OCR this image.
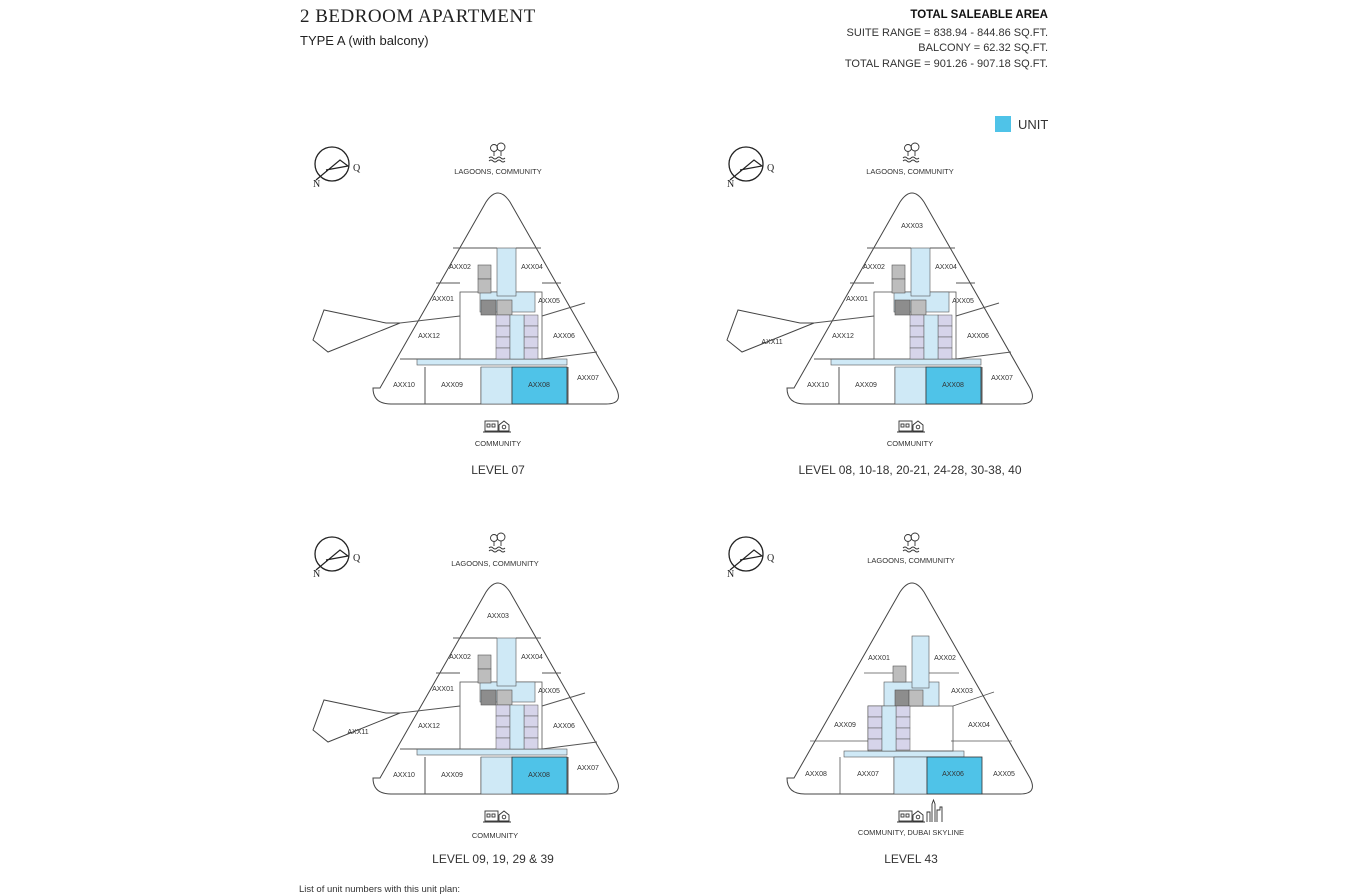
2 BEDROOM APARTMENT
TYPE A (with balcony)
TOTAL SALEABLE AREA
SUITE RANGE = 838.94 - 844.86 SQ.FT.
BALCONY = 62.32 SQ.FT.
TOTAL RANGE = 901.26 - 907.18 SQ.FT.
UNIT
N
Q
AXX02	AXX04
AXX01	AXX05
AXX12	AXX06
AXX10	AXX09	AXX08
AXX07
N
Q
AXX03
AXX02	AXX04
AXX01	AXX05
AXX11
AXX12	AXX06
AXX10	AXX09	AXX08
AXX07
N
Q
AXX03
AXX02	AXX04
AXX01	AXX05
AXX11
AXX12	AXX06
AXX10	AXX09	AXX08
AXX07
N
Q
AXX01	AXX02
AXX03
AXX09	AXX04
AXX08	AXX07	AXX06	AXX05
LAGOONS, COMMUNITY
COMMUNITY
LEVEL 07
LAGOONS, COMMUNITY
COMMUNITY
LEVEL 08, 10-18, 20-21, 24-28, 30-38, 40
LAGOONS, COMMUNITY
COMMUNITY
LEVEL 09, 19, 29 & 39
LAGOONS, COMMUNITY
COMMUNITY, DUBAI SKYLINE
LEVEL 43
List of unit numbers with this unit plan:
